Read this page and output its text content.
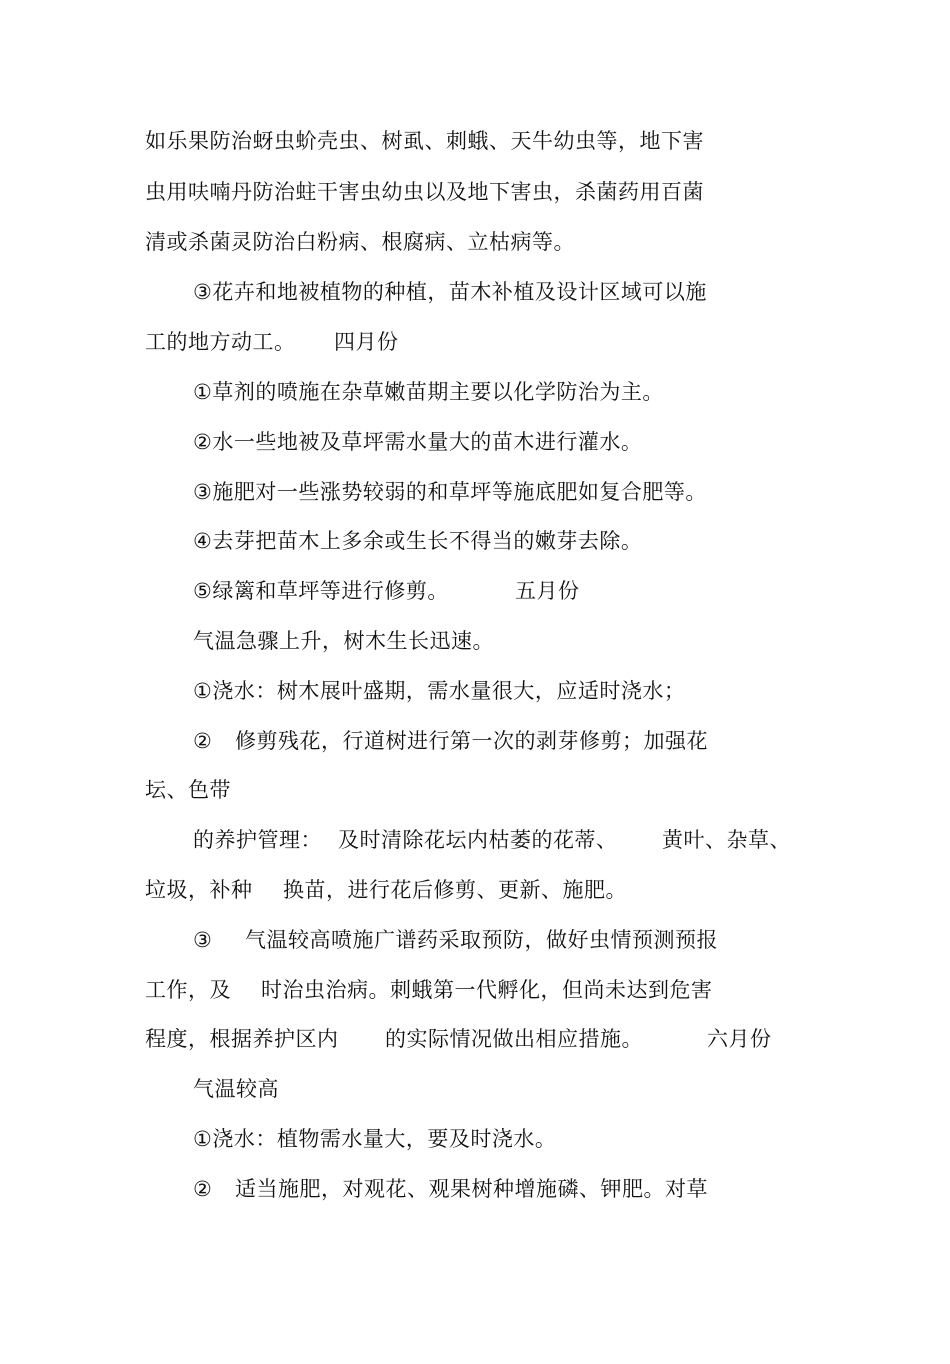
如乐果防治蚜虫蚧壳虫、树虱、刺蛾、天牛幼虫等，地下害

虫用呋喃丹防治蛀干害虫幼虫以及地下害虫，杀菌药用百菌

清或杀菌灵防治白粉病、根腐病、立枯病等。

③花卉和地被植物的种植，苗木补植及设计区域可以施

工的地方动工。

四月份

①草剂的喷施在杂草嫩苗期主要以化学防治为主。

②水一些地被及草坪需水量大的苗木进行灌水。

③施肥对一些涨势较弱的和草坪等施底肥如复合肥等。

④去芽把苗木上多余或生长不得当的嫩芽去除。

⑤绿篱和草坪等进行修剪。

	五月份

气温急骤上升，树木生长迅速。

①浇水：树木展叶盛期，需水量很大，应适时浇水；

②

修剪残花，行道树进行第一次的剥芽修剪；加强花

坛、色带

的养护管理：

及时清除花坛内枯萎的花蒂、

黄叶、杂草、

垃圾，补种

换苗，进行花后修剪、更新、施肥。

③

气温较高喷施广谱药采取预防，做好虫情预测预报

工作，及

时治虫治病。刺蛾第一代孵化，但尚未达到危害

程度，根据养护区内

的实际情况做出相应措施。

	六月份

气温较高

①浇水：植物需水量大，要及时浇水。

②

适当施肥，对观花、观果树种增施磷、钾肥。对草
